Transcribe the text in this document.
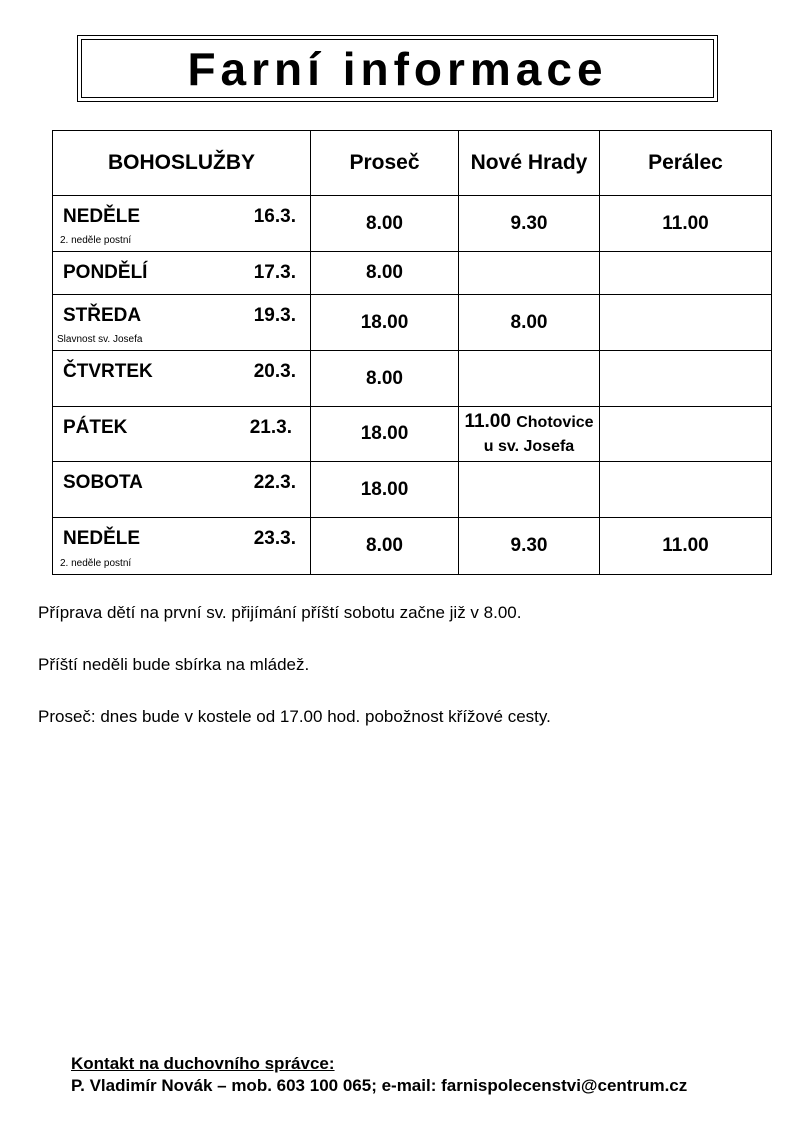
Farní informace
BOHOSLUŽBY	Proseč	Nové Hrady	Perálec

NEDĚLE 16.3.
2. neděle postní	8.00	9.30	11.00

PONDĚLÍ 17.3.	8.00		

STŘEDA 19.3.
Slavnost sv. Josefa	18.00	8.00	

ČTVRTEK 20.3.	8.00		

PÁTEK 21.3.	18.00	11.00 Chotovice
u sv. Josefa	

SOBOTA 22.3.	18.00		

NEDĚLE 23.3.
2. neděle postní	8.00	9.30	11.00
Příprava dětí na první sv. přijímání příští sobotu začne již v 8.00.
Příští neděli bude sbírka na mládež.
Proseč: dnes bude v kostele od 17.00 hod. pobožnost křížové cesty.
Kontakt na duchovního správce:
P. Vladimír Novák – mob. 603 100 065; e-mail: farnispolecenstvi@centrum.cz
